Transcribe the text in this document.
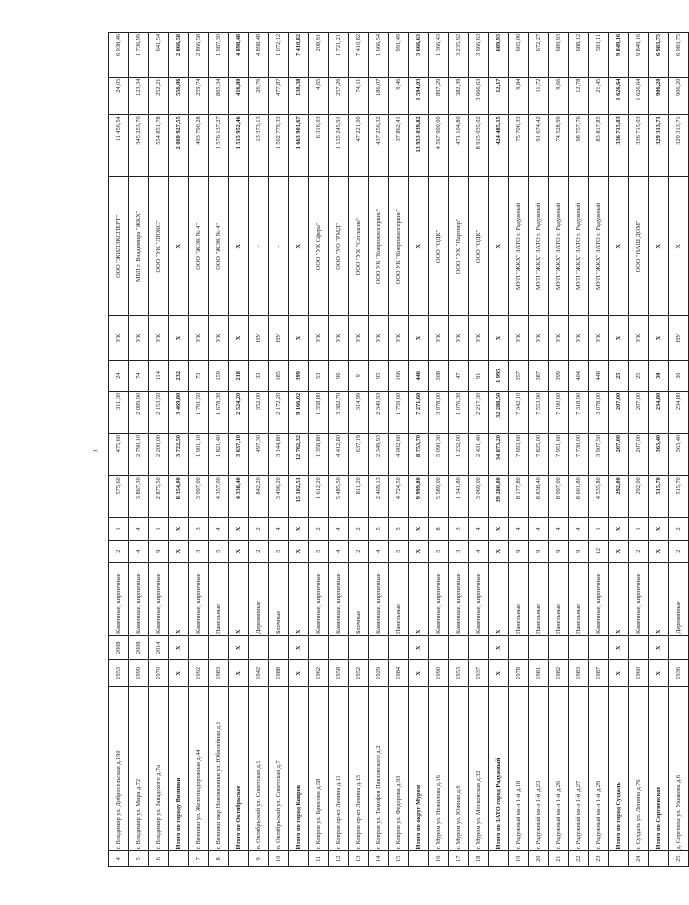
3
4	г. Владимир ул. Добросельская д.190	1953	2008	Каменные, кирпичные	2	1	575,60	475,60	311,30	24	УК	ООО "ЖИЛЭКСПЕРТ"	11 456,54	24,05	6 938,46
5	г. Владимир ул. Мира д.72	1999	2008	Каменные, кирпичные	4	4	3 867,30	2 790,10	2 089,90	74	УК	МБП г. Владимира "ЖКХ"	345 253,70	123,34	1 736,99
6	г. Владимир ул. Завадского д.7а	1970	2014	Каменные, кирпичные	9	1	2 875,50	2 200,00	2 153,50	114	УК	ООО "УК "ЛЮКС"	554 851,78	252,21	641,54
	Итого по городу Вязники	X	X	X	X	X	8 354,00	3 722,50	3 469,80	232	X	X	2 069 927,55	556,06	2 866,58
7	г. Вязники ул. Железнодорожная д.44	1992		Каменные, кирпичные	3	3	3 997,00	1 901,10	1 791,50	73	УК	ООО "ЖЭК № 4"	493 790,28	259,74	2 866,58
8	г. Вязники мкр Нововязники ул. Юбилейная д.1	1983		Панельные	5	4	4 357,00	1 821,40	1 678,30	159	УК	ООО "ЖЭК № 4"	1 576 137,27	865,34	1 987,30
	Итого по Октябрьское	X	X	X	X	X	4 338,40	3 637,10	2 524,20	218	X	X	1 515 952,46	416,80	4 898,48
9	п. Октябрьский ул. Советская д.1	1942		Деревянные	2	2	842,20	497,30	352,00	33	НУ	-	13 373,13	26,76	4 898,48
10	п. Октябрьский ул. Советская д.7	1988		Блочные	5	4	3 496,20	3 144,80	2 172,20	185	НУ	-	1 502 779,33	477,87	1 072,12
	Итого по город Ковров	X	X	X	X	X	15 102,51	12 762,32	9 166,02	399	X	X	1 663 901,67	130,38	7 410,82
11	г. Ковров ул. Брюсова д.58	1962		Каменные, кирпичные	5	2	1 612,20	1 358,80	1 358,80	53	УК	ООО "УК Сфера"	6 316,03	4,65	208,91
12	г. Ковров пр-кт Ленина д.11	1958		Каменные, кирпичные	4	4	5 485,50	4 412,80	3 382,70	96	УК	ООО "УО "РМД"	1 135 245,91	257,26	1 721,21
13	г. Ковров пр-кт Ленина д.13	1952		Блочные	2	2	811,20	637,19	314,99	9	УК	ООО "УК "Согласие"	47 221,00	74,11	7 410,82
14	г. Ковров ул. Тимофея Павловского д.2	1929		Каменные, кирпичные	4	5	2 469,13	2 349,93	2 349,93	95	УК	ООО УК "Коврожилсервис"	437 256,32	186,07	1 666,54
15	г. Ковров ул. Федорова д.93	1984		Панельные	5	5	4 724,50	4 002,60	1 759,60	166	УК	ООО УК "Коврожилсервис"	37 862,41	9,46	991,49
	Итого по округ Муром	X	X	X	X	X	9 999,80	8 753,70	7 271,60	446	X	X	13 953 039,82	1 594,03	3 666,63
16	г. Муром ул. Нежилова д.16	1990		Каменные, кирпичные	5	8	5 589,00	5 090,30	3 978,00	308	УК	ООО "ОДК"	4 567 900,00	897,29	1 366,43
17	г. Муром ул. Южная д.6	1953		Каменные, кирпичные	3	3	1 341,80	1 232,00	1 076,30	47	УК	ООО "УК "Партнер"	471 104,80	382,39	3 235,92
18	г. Муром ул. Московская д.32	1937		Каменные, кирпичные	4	4	3 069,00	2 431,40	2 217,30	91	УК	ООО "ОДК"	8 915 035,02	3 666,63	3 666,63
	Итого по ЗАТО город Радужный	X	X	X	X	X	39 280,00	34 873,20	32 288,50	1 995	X	X	424 485,15	12,17	689,93
19	г. Радужный кв-л 1-й д.18	1978		Панельные	9	4	8 177,80	7 693,60	7 342,10	357	УК	МУП "ЖКХ" ЗАТО г. Радужный	75 706,33	9,84	665,06
20	г. Радужный кв-л 1-й д.23	1981		Панельные	9	4	8 838,40	7 825,00	7 553,90	387	УК	МУП "ЖКХ" ЗАТО г. Радужный	91 674,42	11,72	672,27
21	г. Радужный кв-л 1-й д.26	1982		Панельные	9	4	8 997,00	7 951,60	7 190,60	399	УК	МУП "ЖКХ" ЗАТО г. Радужный	74 528,99	9,66	689,93
22	г. Радужный кв-л 1-й д.27	1983		Панельные	9	4	8 601,80	7 730,00	7 318,90	404	УК	МУП "ЖКХ" ЗАТО г. Радужный	98 757,76	12,78	688,12
23	г. Радужный кв-л 1-й д.29	1987		Каменные, кирпичные	12	1	4 535,80	3 907,50	3 078,00	448	УК	МУП "ЖКХ" ЗАТО г. Радужный	83 817,85	21,45	583,11
	Итого по город Суздаль	X	X	X	X	X	292,00	207,00	207,00	25	X	X	336 715,03	1 626,64	9 849,16
24	г. Суздаль ул. Ленина д.76	1960		Каменные, кирпичные	2	1	292,00	207,00	207,00	25	УК	ООО "НАШ ДОМ"	336 715,03	1 626,64	9 849,16
	Итого по Сергиевское	X	X	X	X	X	515,70	363,40	234,80	30	X	X	329 313,71	906,20	6 983,75
25	д. Сергеиха ул. Ушакова д.6	1936		Деревянные	2	2	515,70	363,40	234,80	30	НУ	X	329 313,71	906,20	6 983,75
